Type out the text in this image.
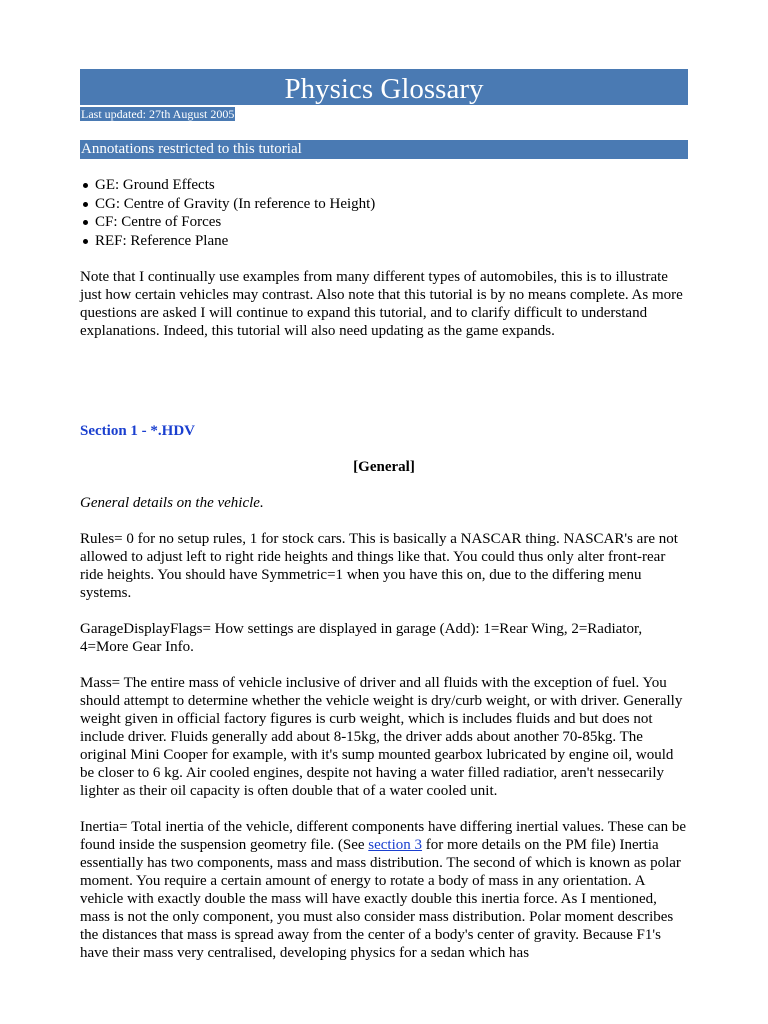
Physics Glossary
Last updated: 27th August 2005
Annotations restricted to this tutorial
GE: Ground Effects
CG: Centre of Gravity (In reference to Height)
CF: Centre of Forces
REF: Reference Plane

Note that I continually use examples from many different types of automobiles, this is to illustrate just how certain vehicles may contrast. Also note that this tutorial is by no means complete. As more questions are asked I will continue to expand this tutorial, and to clarify difficult to understand explanations. Indeed, this tutorial will also need updating as the game expands.

Section 1 - *.HDV

[General]

General details on the vehicle.

Rules= 0 for no setup rules, 1 for stock cars. This is basically a NASCAR thing. NASCAR's are not allowed to adjust left to right ride heights and things like that. You could thus only alter front-rear ride heights. You should have Symmetric=1 when you have this on, due to the differing menu systems.

GarageDisplayFlags= How settings are displayed in garage (Add): 1=Rear Wing, 2=Radiator, 4=More Gear Info.

Mass= The entire mass of vehicle inclusive of driver and all fluids with the exception of fuel. You should attempt to determine whether the vehicle weight is dry/curb weight, or with driver. Generally weight given in official factory figures is curb weight, which is includes fluids and but does not include driver. Fluids generally add about 8-15kg, the driver adds about another 70-85kg. The original Mini Cooper for example, with it's sump mounted gearbox lubricated by engine oil, would be closer to 6 kg. Air cooled engines, despite not having a water filled radiatior, aren't nessecarily lighter as their oil capacity is often double that of a water cooled unit.

Inertia= Total inertia of the vehicle, different components have differing inertial values. These can be found inside the suspension geometry file. (See section 3 for more details on the PM file) Inertia essentially has two components, mass and mass distribution. The second of which is known as polar moment. You require a certain amount of energy to rotate a body of mass in any orientation. A vehicle with exactly double the mass will have exactly double this inertia force. As I mentioned, mass is not the only component, you must also consider mass distribution. Polar moment describes the distances that mass is spread away from the center of a body's center of gravity. Because F1's have their mass very centralised, developing physics for a sedan which has
